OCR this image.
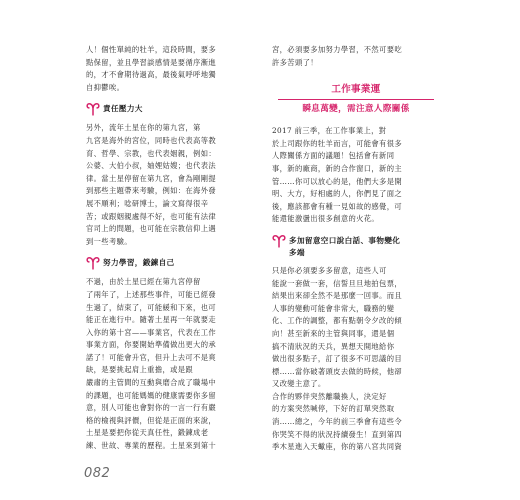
人！個性單純的牡羊，這段時間，要多
點保留，並且學習談感情是要循序漸進
的，才不會期待過高，最後氣呼呼地獨
自抑鬱唉。

責任壓力大

另外，流年土星在你的第九宮，第
九宮是海外的宮位，同時也代表高等教
育、哲學、宗教，也代表姻親，例如：
公婆、大伯小叔，妯娌姑嫂；也代表法
律。當土星停留在第九宮，會為剛剛提
到那些主題帶來考驗，例如：在海外發
展不順利；唸研博士，論文寫得很辛
苦；或跟姻親處得不好，也可能有法律
官司上的問題，也可能在宗教信仰上遇
到一些考驗。

努力學習，鍛鍊自己

不過，由於土星已經在第九宮停留
了兩年了，上述那些事件，可能已經發
生過了，結束了，可能緩和下來，也可
能正在進行中。隨著土星再一年就要走
入你的第十宮——事業宮，代表在工作
事業方面，你要開始準備做出更大的承
諾了！可能會升官，但升上去可不是爽
缺，是要挑起肩上重擔，或是跟
嚴肅的主管間的互動與磨合成了職場中
的課題，也可能媽媽的健康需要你多留
意，別人可能也會對你的一言一行有嚴
格的檢視與評價，但從是正面的來說，
土星是要把你從天真任性，鍛鍊成老
練、世故、專業的歷程。土星來到第十

宮，必須要多加努力學習，不然可要吃
許多苦頭了！

工作事業運
瞬息萬變，需注意人際關係

2017 前三季，在工作事業上，對
於上司跟你的牡羊而言，可能會有很多
人際關係方面的議題！包括會有新同
事，新的廠商，新的合作窗口，新的主
管……你可以放心的是，他們大多是開
明、大方，好相處的人，你們見了面之
後，應該都會有種一見如故的感覺，可
能還能激盪出很多創意的火花。

多加留意空口說白話、事物變化
多端

只是你必須要多多留意，這些人可
能說一套做一套，信誓旦旦地拍包票，
結果出來卻全然不是那麼一回事。而且
人事的變動可能會非常大，職務的變
化、工作的調整，都有點朝令夕改的傾
向！甚至新來的主管與同事，還是個
搞不清狀況的天兵，異想天開地給你
做出很多點子，訂了很多不可思議的目
標……當你破著頭皮去做的時候，他卻
又改變主意了。
合作的夥伴突然離職換人，決定好
的方案突然喊停，下好的訂單突然取
消……總之，今年的前三季會有這些令
你哭笑不得的狀況持續發生！直到第四
季木星進入天蠍座，你的第八宮共同資

082
